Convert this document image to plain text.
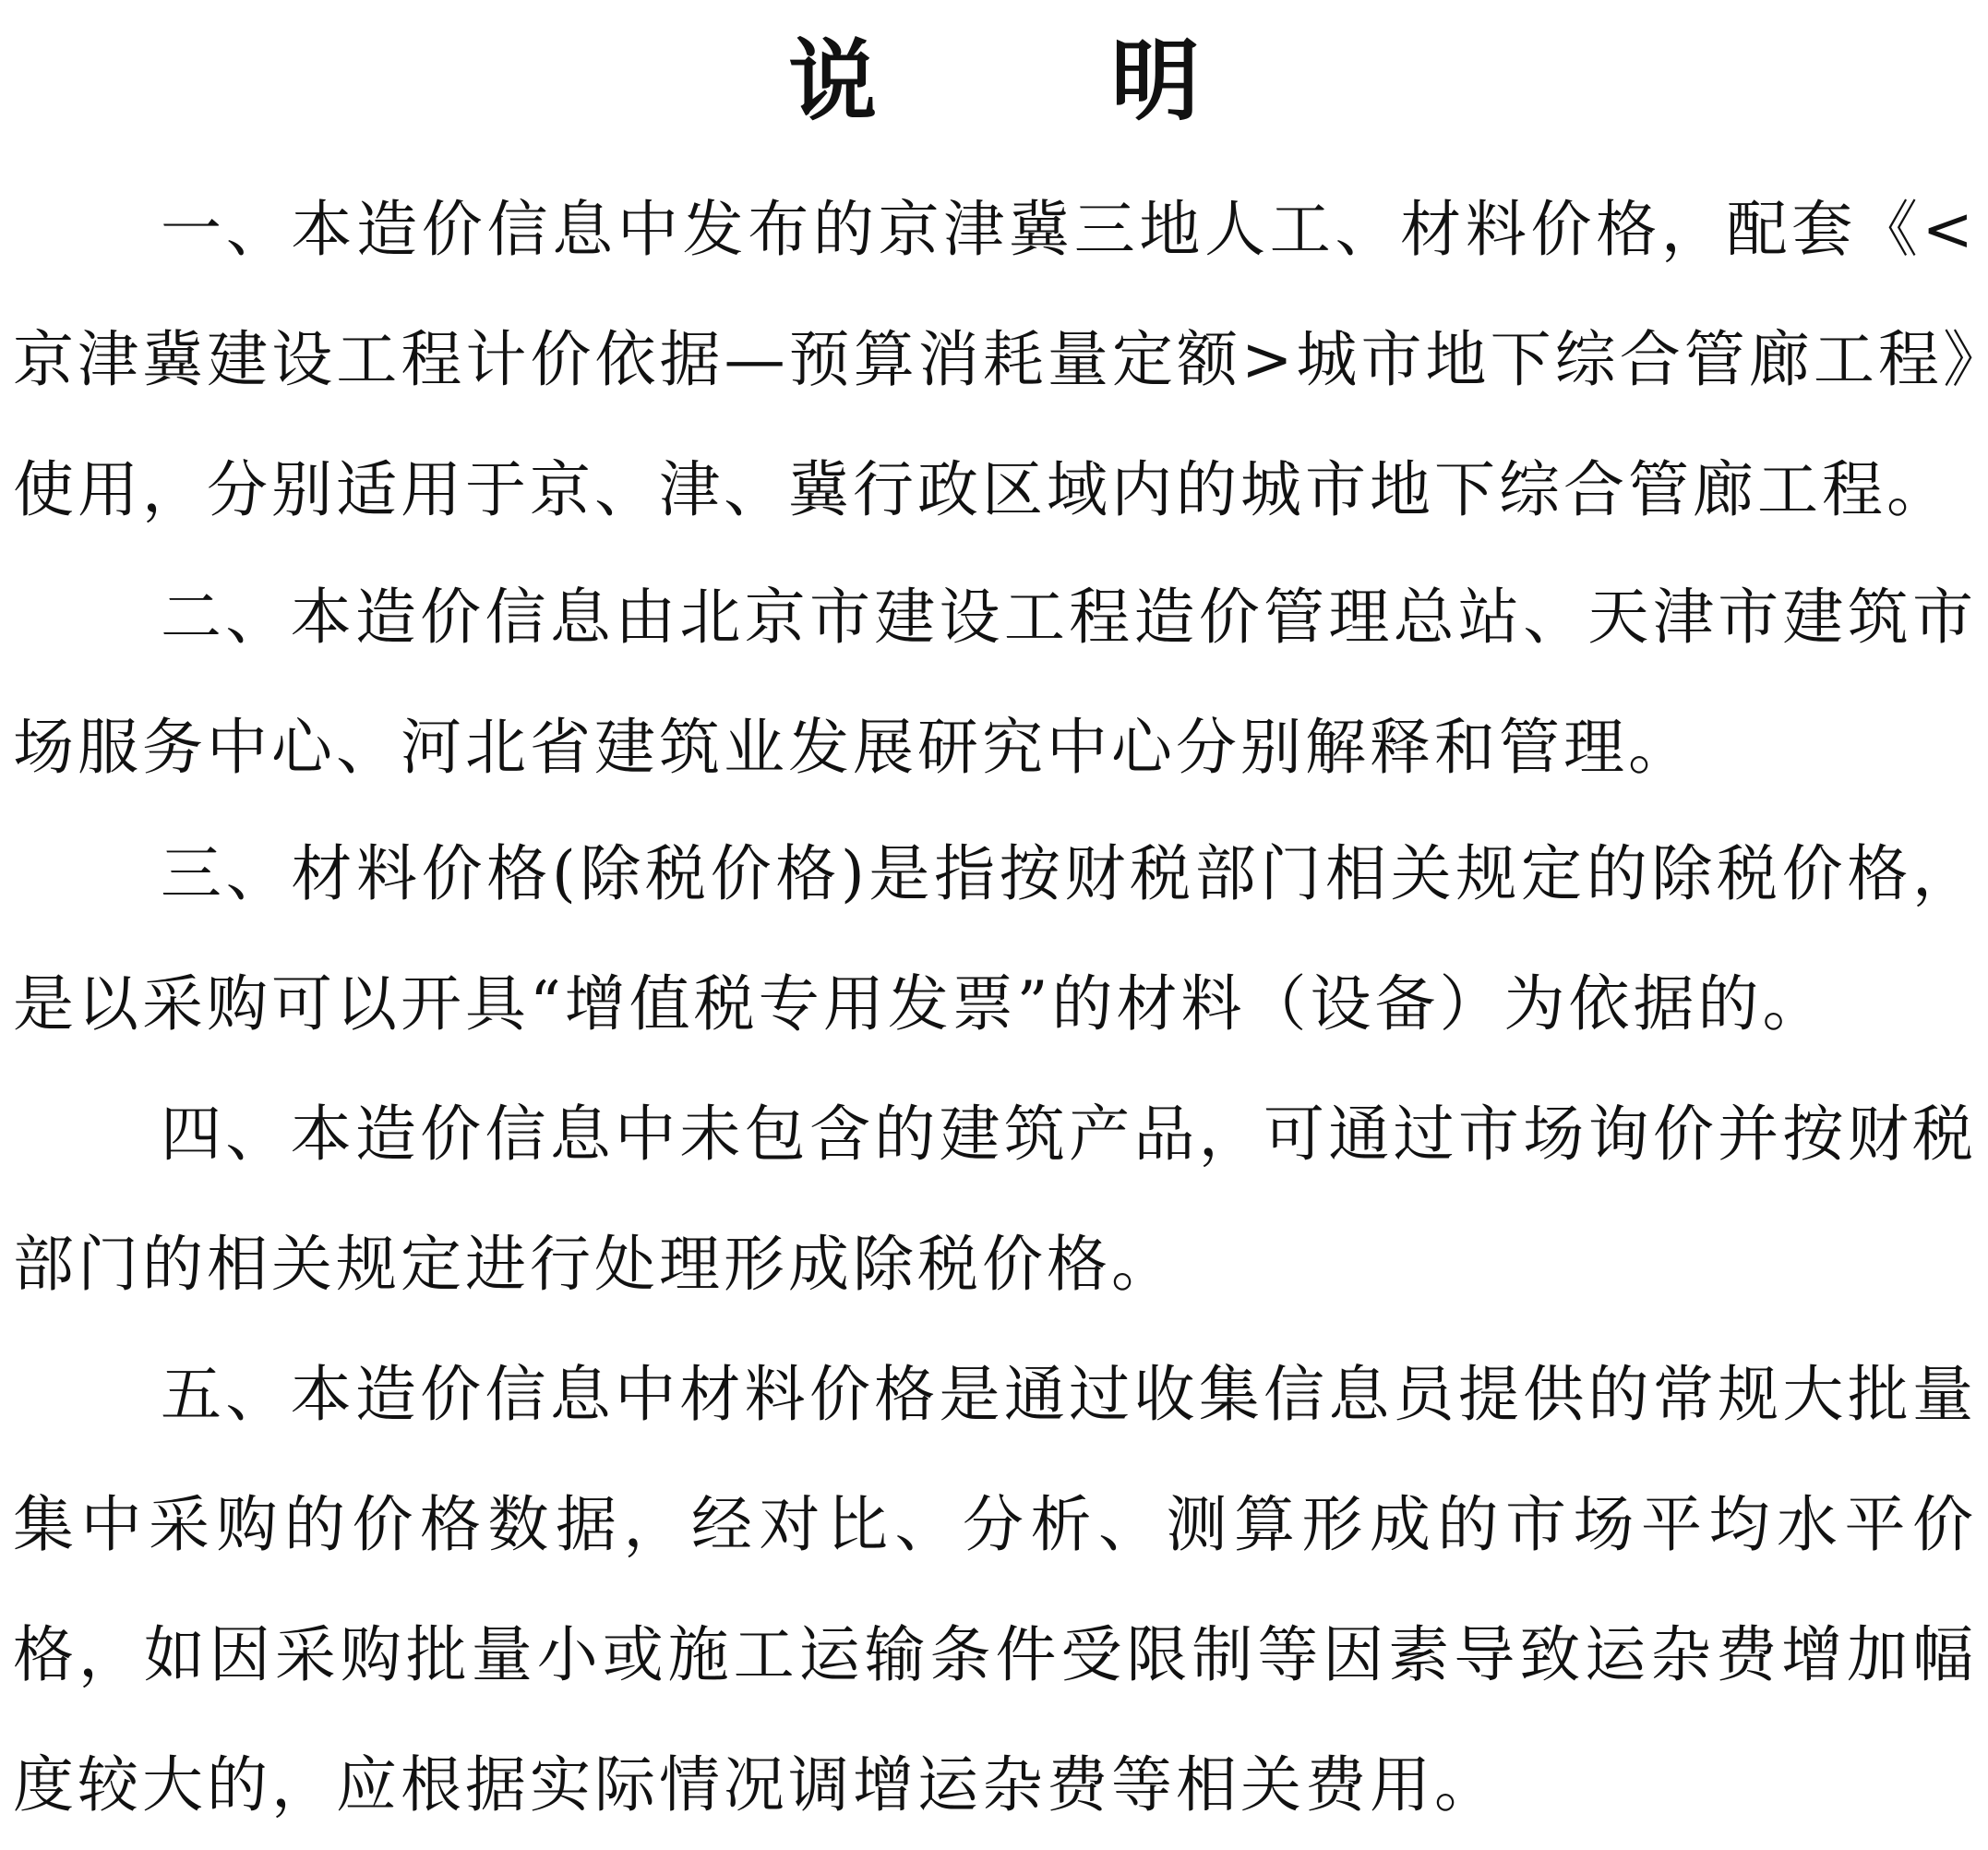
说 明

一、本造价信息中发布的京津冀三地人工、材料价格，配套《<京津冀建设工程计价依据—预算消耗量定额>城市地下综合管廊工程》使用，分别适用于京、津、冀行政区域内的城市地下综合管廊工程。

二、本造价信息由北京市建设工程造价管理总站、天津市建筑市场服务中心、河北省建筑业发展研究中心分别解释和管理。

三、材料价格(除税价格)是指按财税部门相关规定的除税价格，是以采购可以开具“增值税专用发票”的材料（设备）为依据的。

四、本造价信息中未包含的建筑产品，可通过市场询价并按财税部门的相关规定进行处理形成除税价格。

五、本造价信息中材料价格是通过收集信息员提供的常规大批量集中采购的价格数据，经对比、分析、测算形成的市场平均水平价格，如因采购批量小或施工运输条件受限制等因素导致运杂费增加幅度较大的，应根据实际情况调增运杂费等相关费用。
